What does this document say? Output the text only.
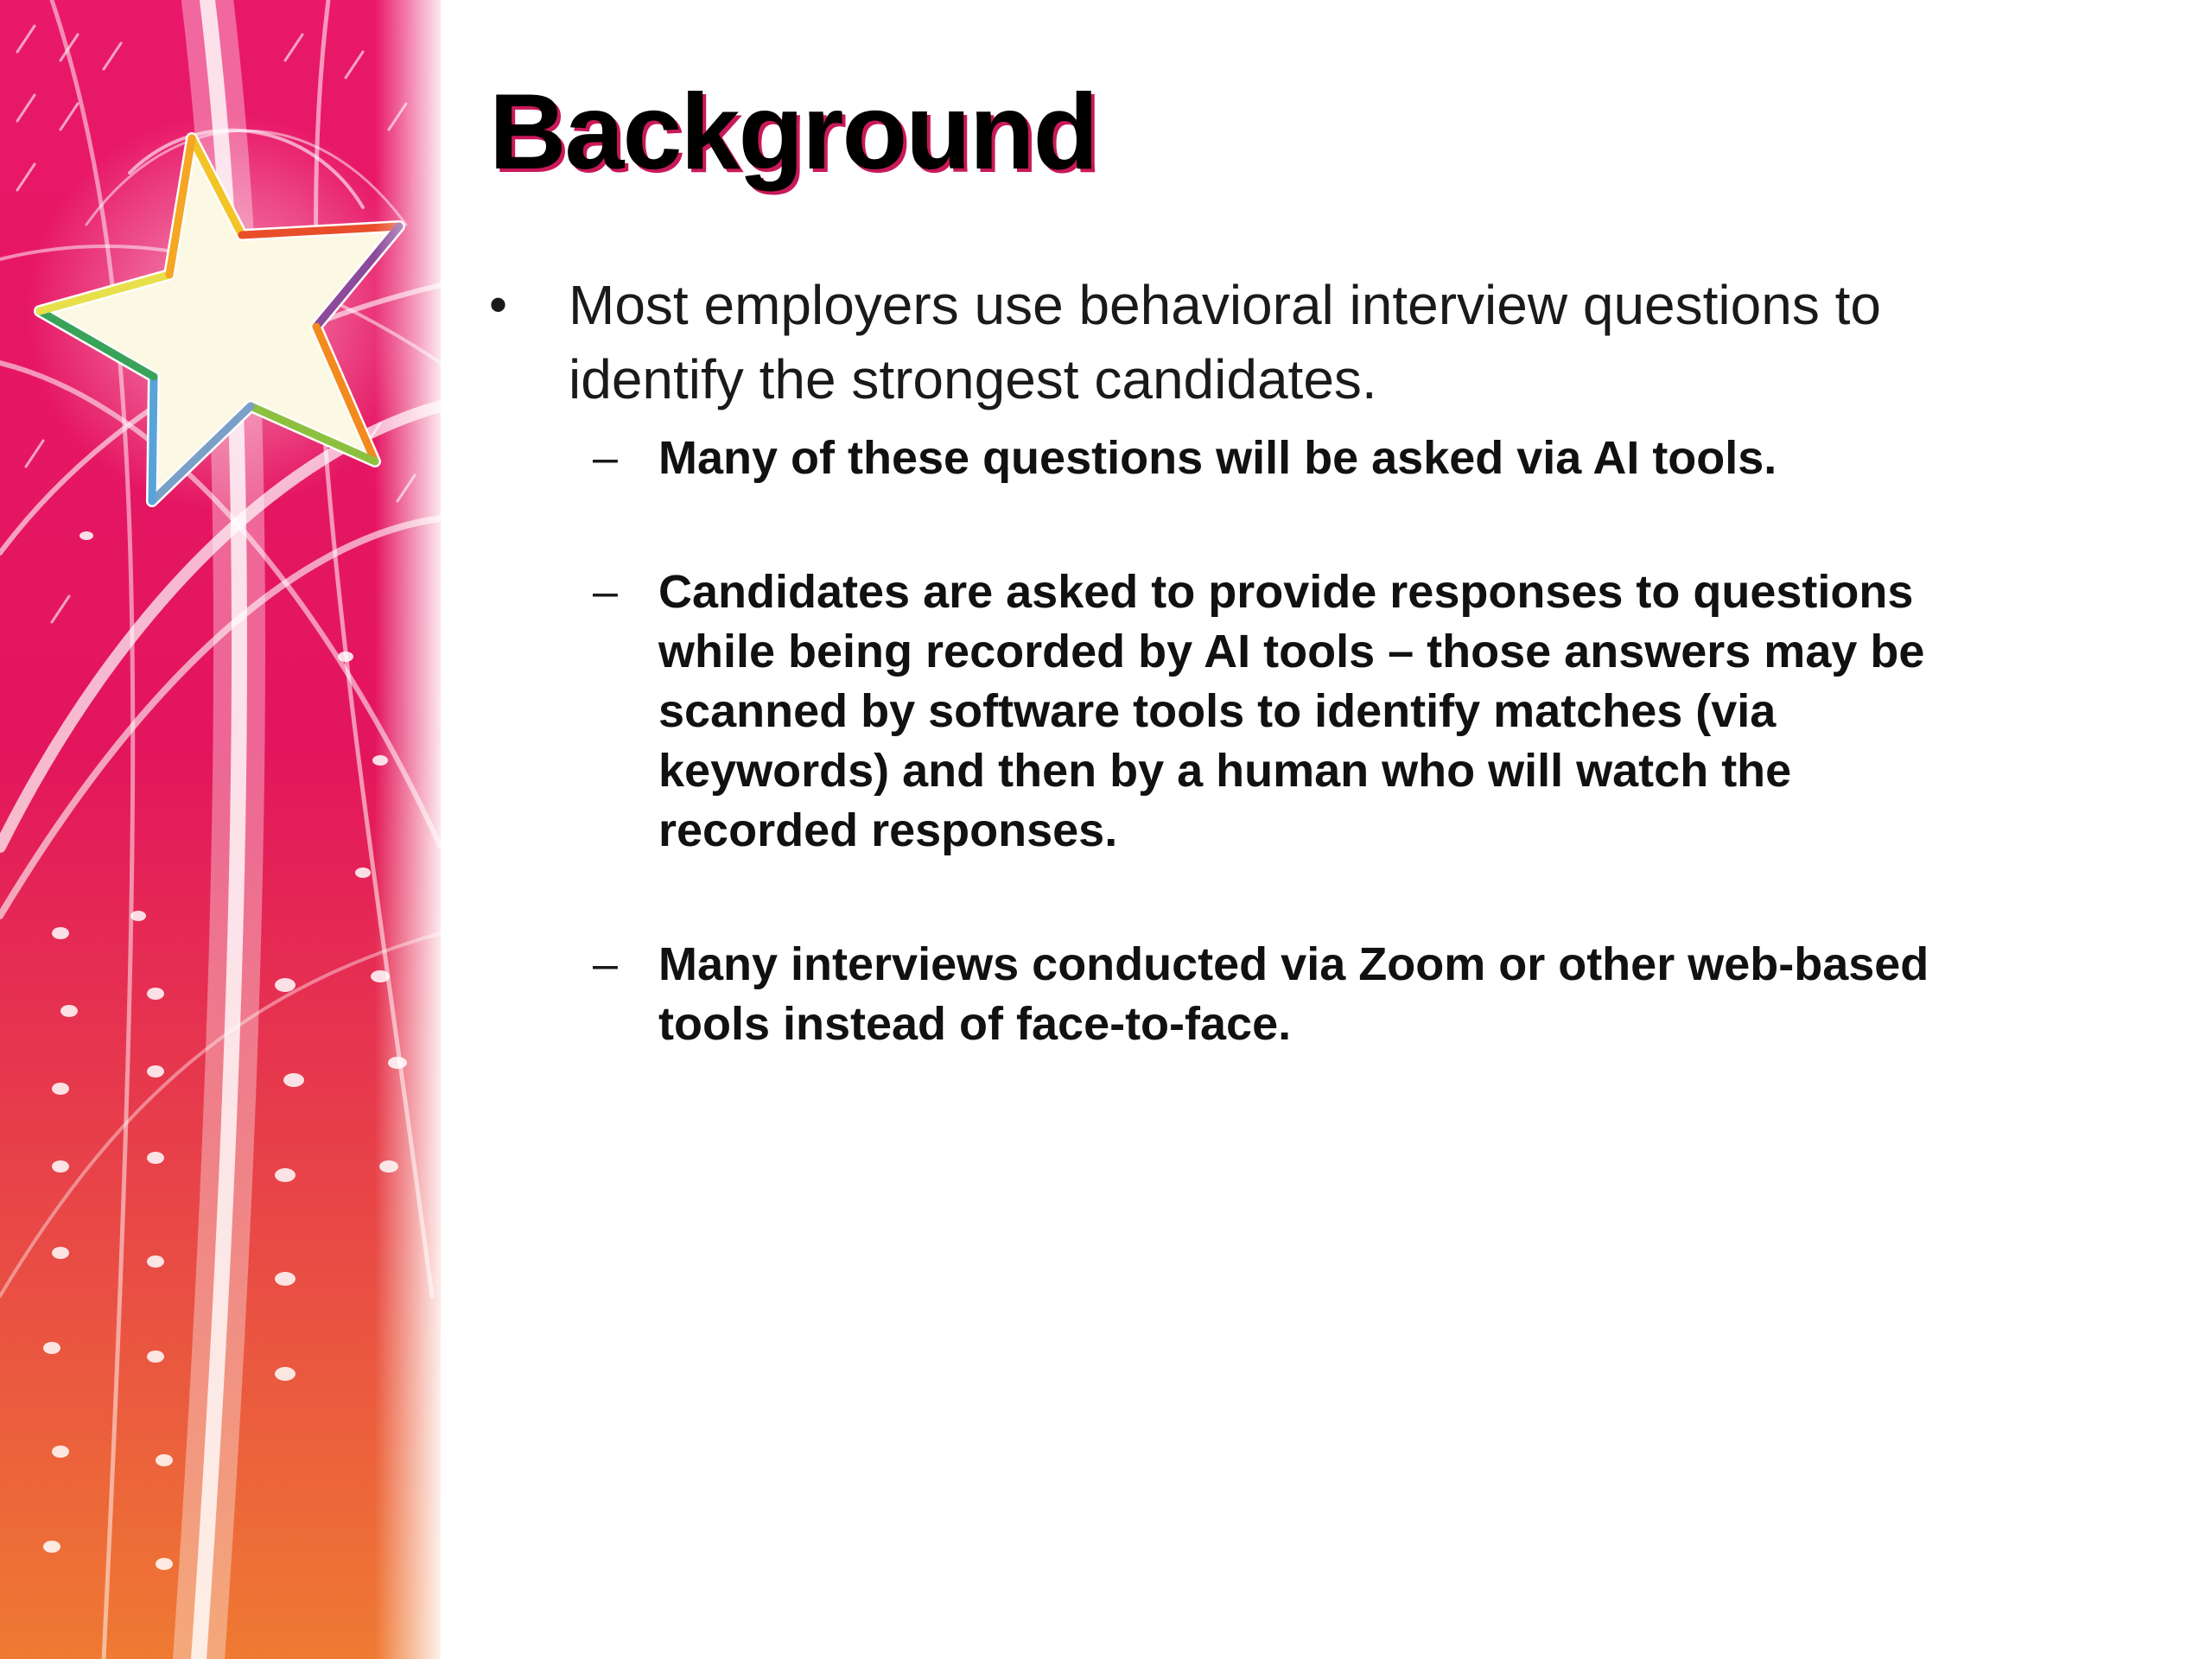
Background
•	Most employers use behavioral interview questions to identify the strongest candidates.
– Many of these questions will be asked via AI tools.
– Candidates are asked to provide responses to questions while being recorded by AI tools – those answers may be scanned by software tools to identify matches (via keywords) and then by a human who will watch the recorded responses.
– Many interviews conducted via Zoom or other web-based tools instead of face-to-face.
